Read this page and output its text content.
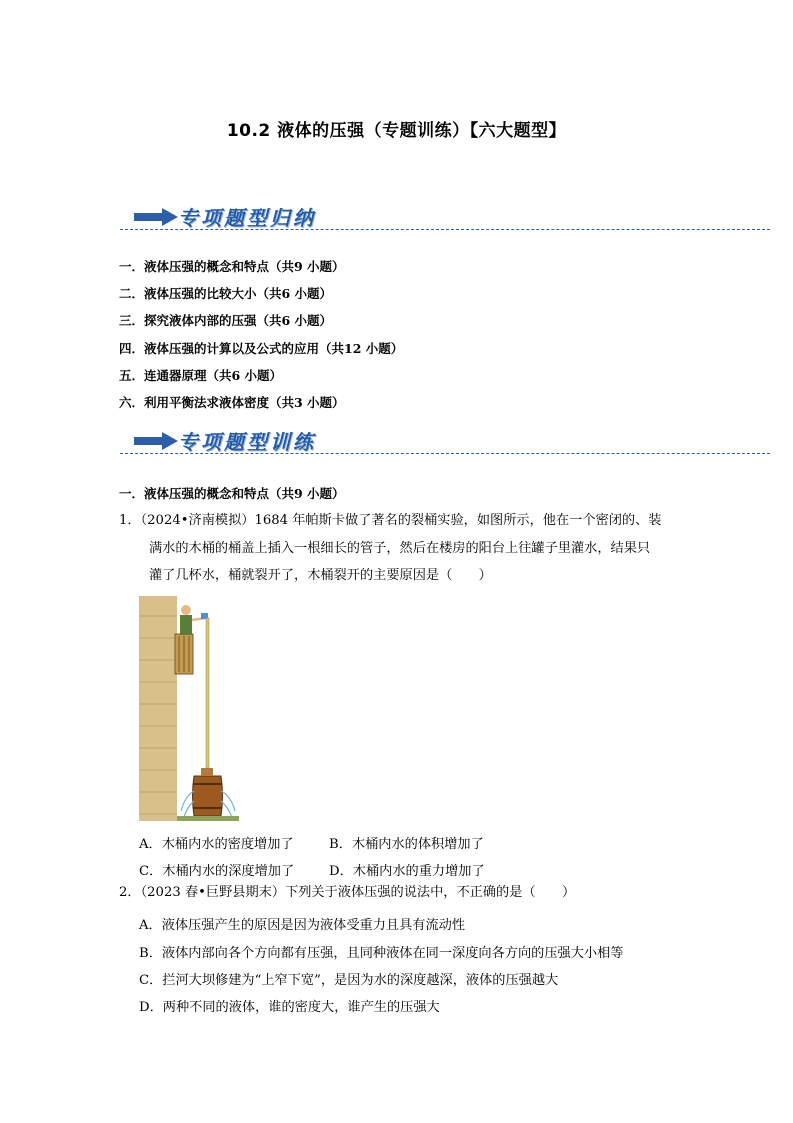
10.2 液体的压强（专题训练）【六大题型】
专项题型归纳
一．液体压强的概念和特点（共9 小题）
二．液体压强的比较大小（共6 小题）
三．探究液体内部的压强（共6 小题）
四．液体压强的计算以及公式的应用（共12 小题）
五．连通器原理（共6 小题）
六．利用平衡法求液体密度（共3 小题）
专项题型训练
一．液体压强的概念和特点（共9 小题）
1．（2024•济南模拟）1684 年帕斯卡做了著名的裂桶实验，如图所示，他在一个密闭的、装
满水的木桶的桶盖上插入一根细长的管子，然后在楼房的阳台上往罐子里灌水，结果只
灌了几杯水，桶就裂开了，木桶裂开的主要原因是（　　）
A．木桶内水的密度增加了	B．木桶内水的体积增加了
C．木桶内水的深度增加了	D．木桶内水的重力增加了
2．（2023 春•巨野县期末）下列关于液体压强的说法中，不正确的是（　　）
A．液体压强产生的原因是因为液体受重力且具有流动性
B．液体内部向各个方向都有压强，且同种液体在同一深度向各方向的压强大小相等
C．拦河大坝修建为“上窄下宽”，是因为水的深度越深，液体的压强越大
D．两种不同的液体，谁的密度大，谁产生的压强大
